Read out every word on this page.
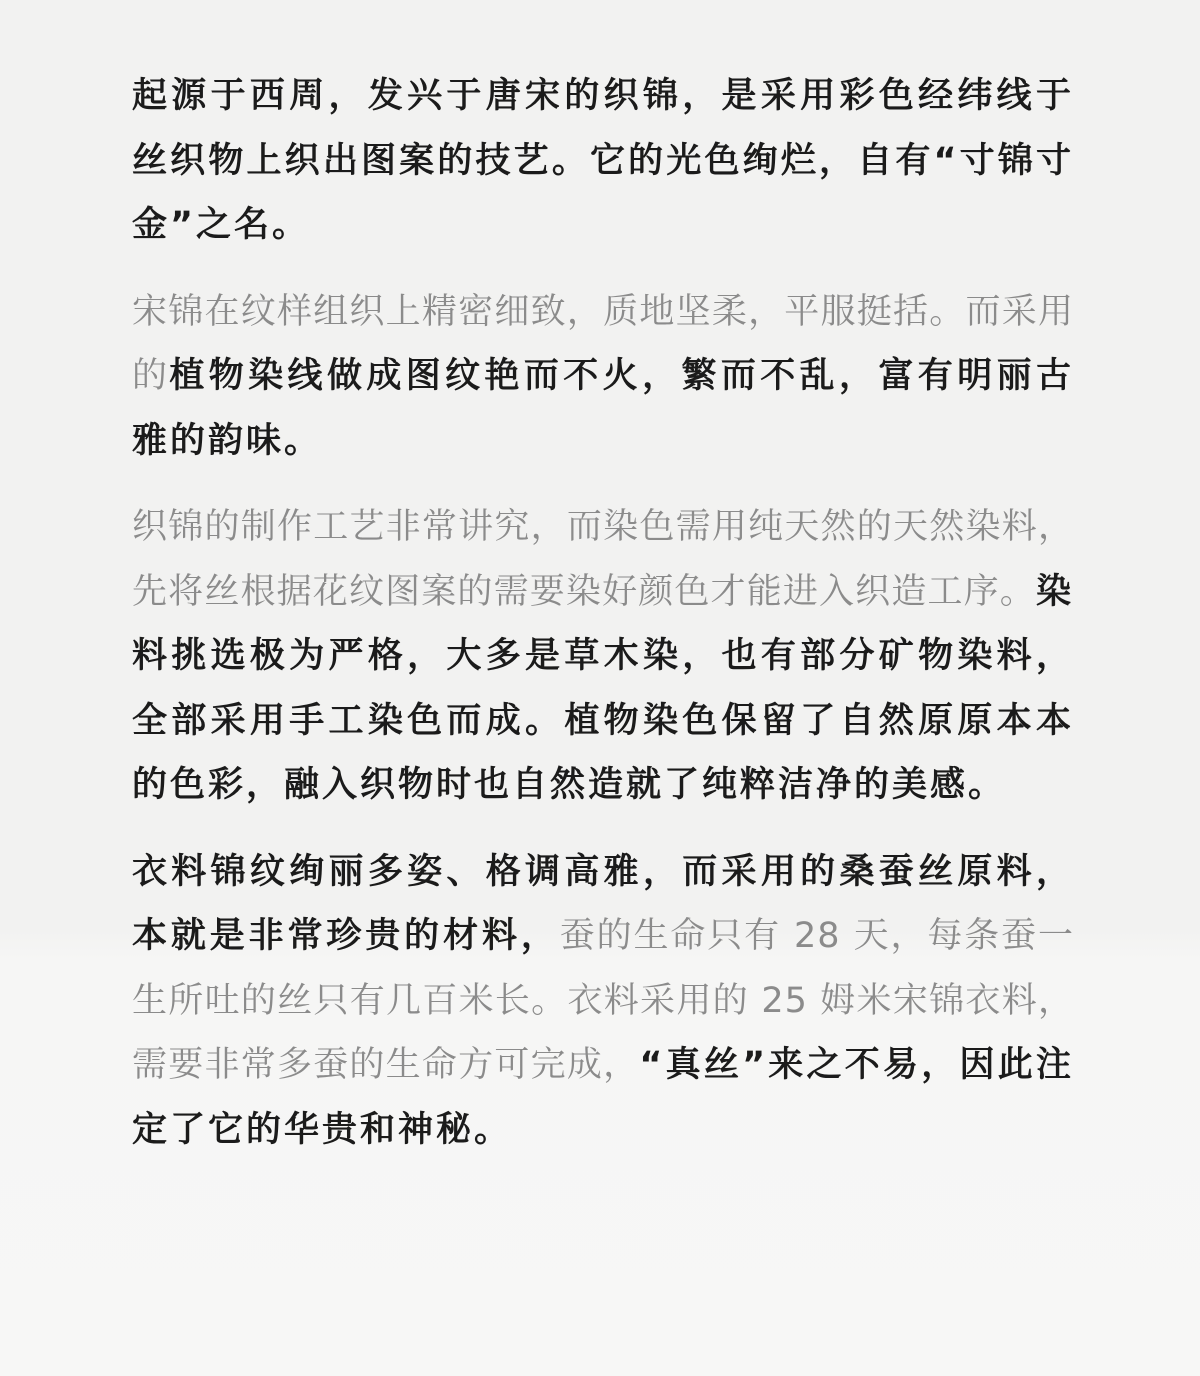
起源于西周，发兴于唐宋的织锦，是采用彩色经纬线于丝织物上织出图案的技艺。它的光色绚烂，自有“寸锦寸金”之名。

宋锦在纹样组织上精密细致，质地坚柔，平服挺括。而采用的植物染线做成图纹艳而不火，繁而不乱，富有明丽古雅的韵味。

织锦的制作工艺非常讲究，而染色需用纯天然的天然染料，先将丝根据花纹图案的需要染好颜色才能进入织造工序。染料挑选极为严格，大多是草木染，也有部分矿物染料，全部采用手工染色而成。植物染色保留了自然原原本本的色彩，融入织物时也自然造就了纯粹洁净的美感。

衣料锦纹绚丽多姿、格调高雅，而采用的桑蚕丝原料，本就是非常珍贵的材料，蚕的生命只有 28 天，每条蚕一生所吐的丝只有几百米长。衣料采用的 25 姆米宋锦衣料，需要非常多蚕的生命方可完成，“真丝”来之不易，因此注定了它的华贵和神秘。
